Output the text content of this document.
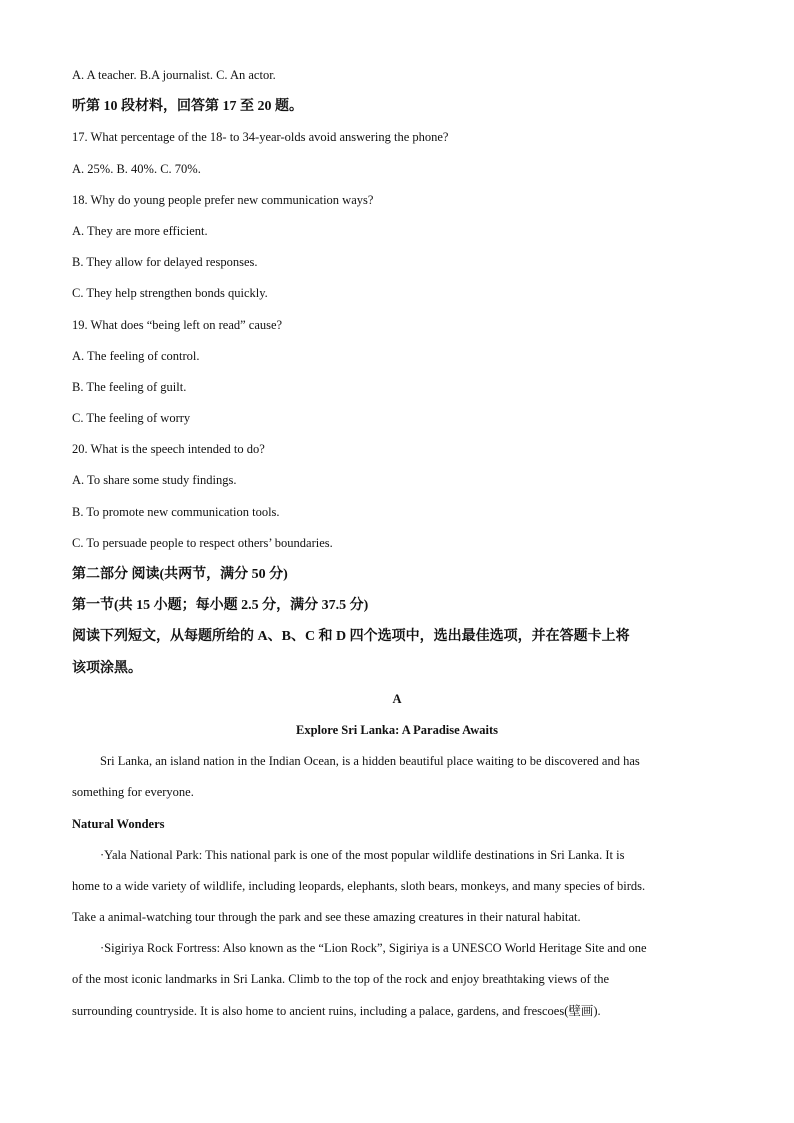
A. A teacher. B.A journalist. C. An actor.
听第 10 段材料，回答第 17 至 20 题。
17. What percentage of the 18- to 34-year-olds avoid answering the phone?
A. 25%. B. 40%. C. 70%.
18. Why do young people prefer new communication ways?
A. They are more efficient.
B. They allow for delayed responses.
C. They help strengthen bonds quickly.
19. What does “being left on read” cause?
A. The feeling of control.
B. The feeling of guilt.
C. The feeling of worry
20. What is the speech intended to do?
A. To share some study findings.
B. To promote new communication tools.
C. To persuade people to respect others’ boundaries.
第二部分 阅读(共两节，满分 50 分)
第一节(共 15 小题；每小题 2.5 分，满分 37.5 分)
阅读下列短文，从每题所给的 A、B、C 和 D 四个选项中，选出最佳选项，并在答题卡上将
该项涂黑。
A
Explore Sri Lanka: A Paradise Awaits
Sri Lanka, an island nation in the Indian Ocean, is a hidden beautiful place waiting to be discovered and has
something for everyone.
Natural Wonders
·Yala National Park: This national park is one of the most popular wildlife destinations in Sri Lanka. It is
home to a wide variety of wildlife, including leopards, elephants, sloth bears, monkeys, and many species of birds.
Take a animal-watching tour through the park and see these amazing creatures in their natural habitat.
·Sigiriya Rock Fortress: Also known as the “Lion Rock”, Sigiriya is a UNESCO World Heritage Site and one
of the most iconic landmarks in Sri Lanka. Climb to the top of the rock and enjoy breathtaking views of the
surrounding countryside. It is also home to ancient ruins, including a palace, gardens, and frescoes(壁画).
